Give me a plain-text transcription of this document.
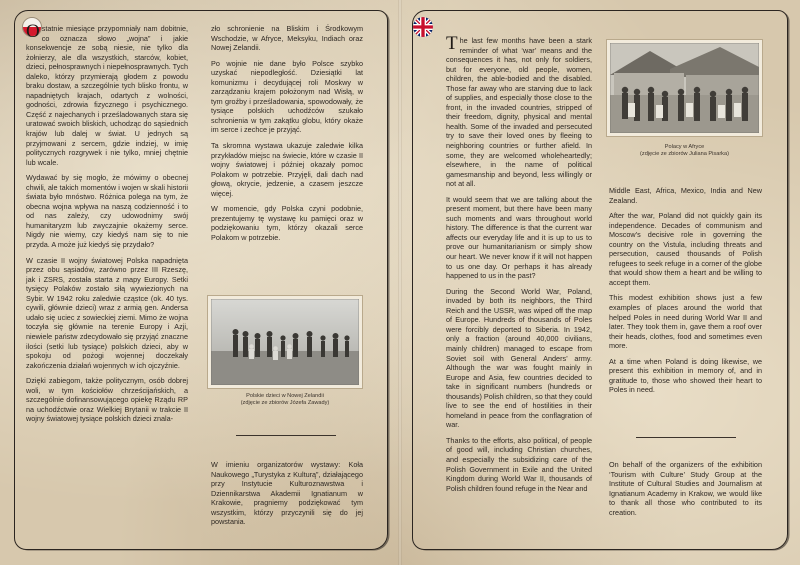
Ostatnie miesiące przypomniały nam dobitnie, co oznacza słowo „wojna” i jakie konsekwencje ze sobą niesie, nie tylko dla żołnierzy, ale dla wszystkich, starców, kobiet, dzieci, pełnosprawnych i niepełnosprawnych. Tych daleko, którzy przymierają głodem z powodu braku dostaw, a szczególnie tych blisko frontu, w napadniętych krajach, odartych z wolności, godności, zdrowia fizycznego i psychicznego. Część z najechanych i prześladowanych stara się uratować swoich bliskich, uchodząc do sąsiednich krajów lub dalej w świat. U jednych są przyjmowani z sercem, gdzie indziej, w imię politycznych rozgrywek i nie tylko, mniej chętnie lub wcale.

Wydawać by się mogło, że mówimy o obecnej chwili, ale takich momentów i wojen w skali historii świata było mnóstwo. Różnica polega na tym, że obecna wojna wpływa na naszą codzienność i to od nas zależy, czy udowodnimy swój humanitaryzm lub zwyczajnie okażemy serce. Nigdy nie wiemy, czy kiedyś nam się to nie przyda. A może już kiedyś się przydało?

W czasie II wojny światowej Polska napadnięta przez obu sąsiadów, zarówno przez III Rzeszę, jak i ZSRS, została starta z mapy Europy. Setki tysięcy Polaków zostało siłą wywiezionych na Sybir. W 1942 roku zaledwie cząstce (ok. 40 tys. cywili, głównie dzieci) wraz z armią gen. Andersa udało się uciec z sowieckiej ziemi. Mimo że wojna toczyła się głównie na terenie Europy i Azji, niewiele państw zdecydowało się przyjąć znaczne ilości (setki lub tysiące) polskich dzieci, aby w spokoju od pożogi wojennej doczekały zakończenia działań wojennych w ich ojczyźnie.

Dzięki zabiegom, także politycznym, osób dobrej woli, w tym kościołów chrześcijańskich, a szczególnie dofinansowującego opiekę Rządu RP na uchodźctwie oraz Wielkiej Brytanii w trakcie II wojny światowej tysiące polskich dzieci znala-

zło schronienie na Bliskim i Środkowym Wschodzie, w Afryce, Meksyku, Indiach oraz Nowej Zelandii.

Po wojnie nie dane było Polsce szybko uzyskać niepodległość. Dziesiątki lat komunizmu i decydującej roli Moskwy w zarządzaniu krajem położonym nad Wisłą, w tym groźby i prześladowania, spowodowały, że tysiące polskich uchodźców szukało schronienia w tym zakątku globu, który okaże im serce i zechce je przyjąć.

Ta skromna wystawa ukazuje zaledwie kilka przykładów miejsc na świecie, które w czasie II wojny światowej i później okazały pomoc Polakom w potrzebie. Przyjęli, dali dach nad głową, okrycie, jedzenie, a czasem jeszcze więcej.

W momencie, gdy Polska czyni podobnie, prezentujemy tę wystawę ku pamięci oraz w podziękowaniu tym, którzy okazali serce Polakom w potrzebie.

Polskie dzieci w Nowej Zelandii
(zdjęcie ze zbiorów Józefa Zawady)

W imieniu organizatorów wystawy: Koła Naukowego „Turystyka z Kulturą”, działającego przy Instytucie Kulturoznawstwa i Dziennikarstwa Akademii Ignatianum w Krakowie, pragniemy podziękować tym wszystkim, którzy przyczynili się do jej powstania.

The last few months have been a stark reminder of what ‘war’ means and the consequences it has, not only for soldiers, but for everyone, old people, women, children, the able-bodied and the disabled. Those far away who are starving due to lack of supplies, and especially those close to the front, in the invaded countries, stripped of their freedom, dignity, physical and mental health. Some of the invaded and persecuted try to save their loved ones by fleeing to neighboring countries or further afield. In some, they are welcomed wholeheartedly; elsewhere, in the name of political gamesmanship and beyond, less willingly or not at all.

It would seem that we are talking about the present moment, but there have been many such moments and wars throughout world history. The difference is that the current war affects our everyday life and it is up to us to prove our humanitarianism or simply show our heart. We never know if it will not happen to us one day. Or perhaps it has already happened to us in the past?

During the Second World War, Poland, invaded by both its neighbors, the Third Reich and the USSR, was wiped off the map of Europe. Hundreds of thousands of Poles were forcibly deported to Siberia. In 1942, only a fraction (around 40,000 civilians, mainly children) managed to escape from Soviet soil with General Anders’ army. Although the war was fought mainly in Europe and Asia, few countries decided to take in significant numbers (hundreds or thousands) Polish children, so that they could live to see the end of hostilities in their homeland in peace from the conflagration of war.

Thanks to the efforts, also political, of people of good will, including Christian churches, and especially the subsidizing care of the Polish Government in Exile and the United Kingdom during World War II, thousands of Polish children found refuge in the Near and

Polacy w Afryce
(zdjęcie ze zbiorów Juliana Pisarka)

Middle East, Africa, Mexico, India and New Zealand.

After the war, Poland did not quickly gain its independence. Decades of communism and Moscow’s decisive role in governing the country on the Vistula, including threats and persecution, caused thousands of Polish refugees to seek refuge in a corner of the globe that would show them a heart and be willing to accept them.

This modest exhibition shows just a few examples of places around the world that helped Poles in need during World War II and later. They took them in, gave them a roof over their heads, clothes, food and sometimes even more.

At a time when Poland is doing likewise, we present this exhibition in memory of, and in gratitude to, those who showed their heart to Poles in need.

On behalf of the organizers of the exhibition ‘Tourism with Culture’ Study Group at the Institute of Cultural Studies and Journalism at Ignatianum Academy in Krakow, we would like to thank all those who contributed to its creation.
